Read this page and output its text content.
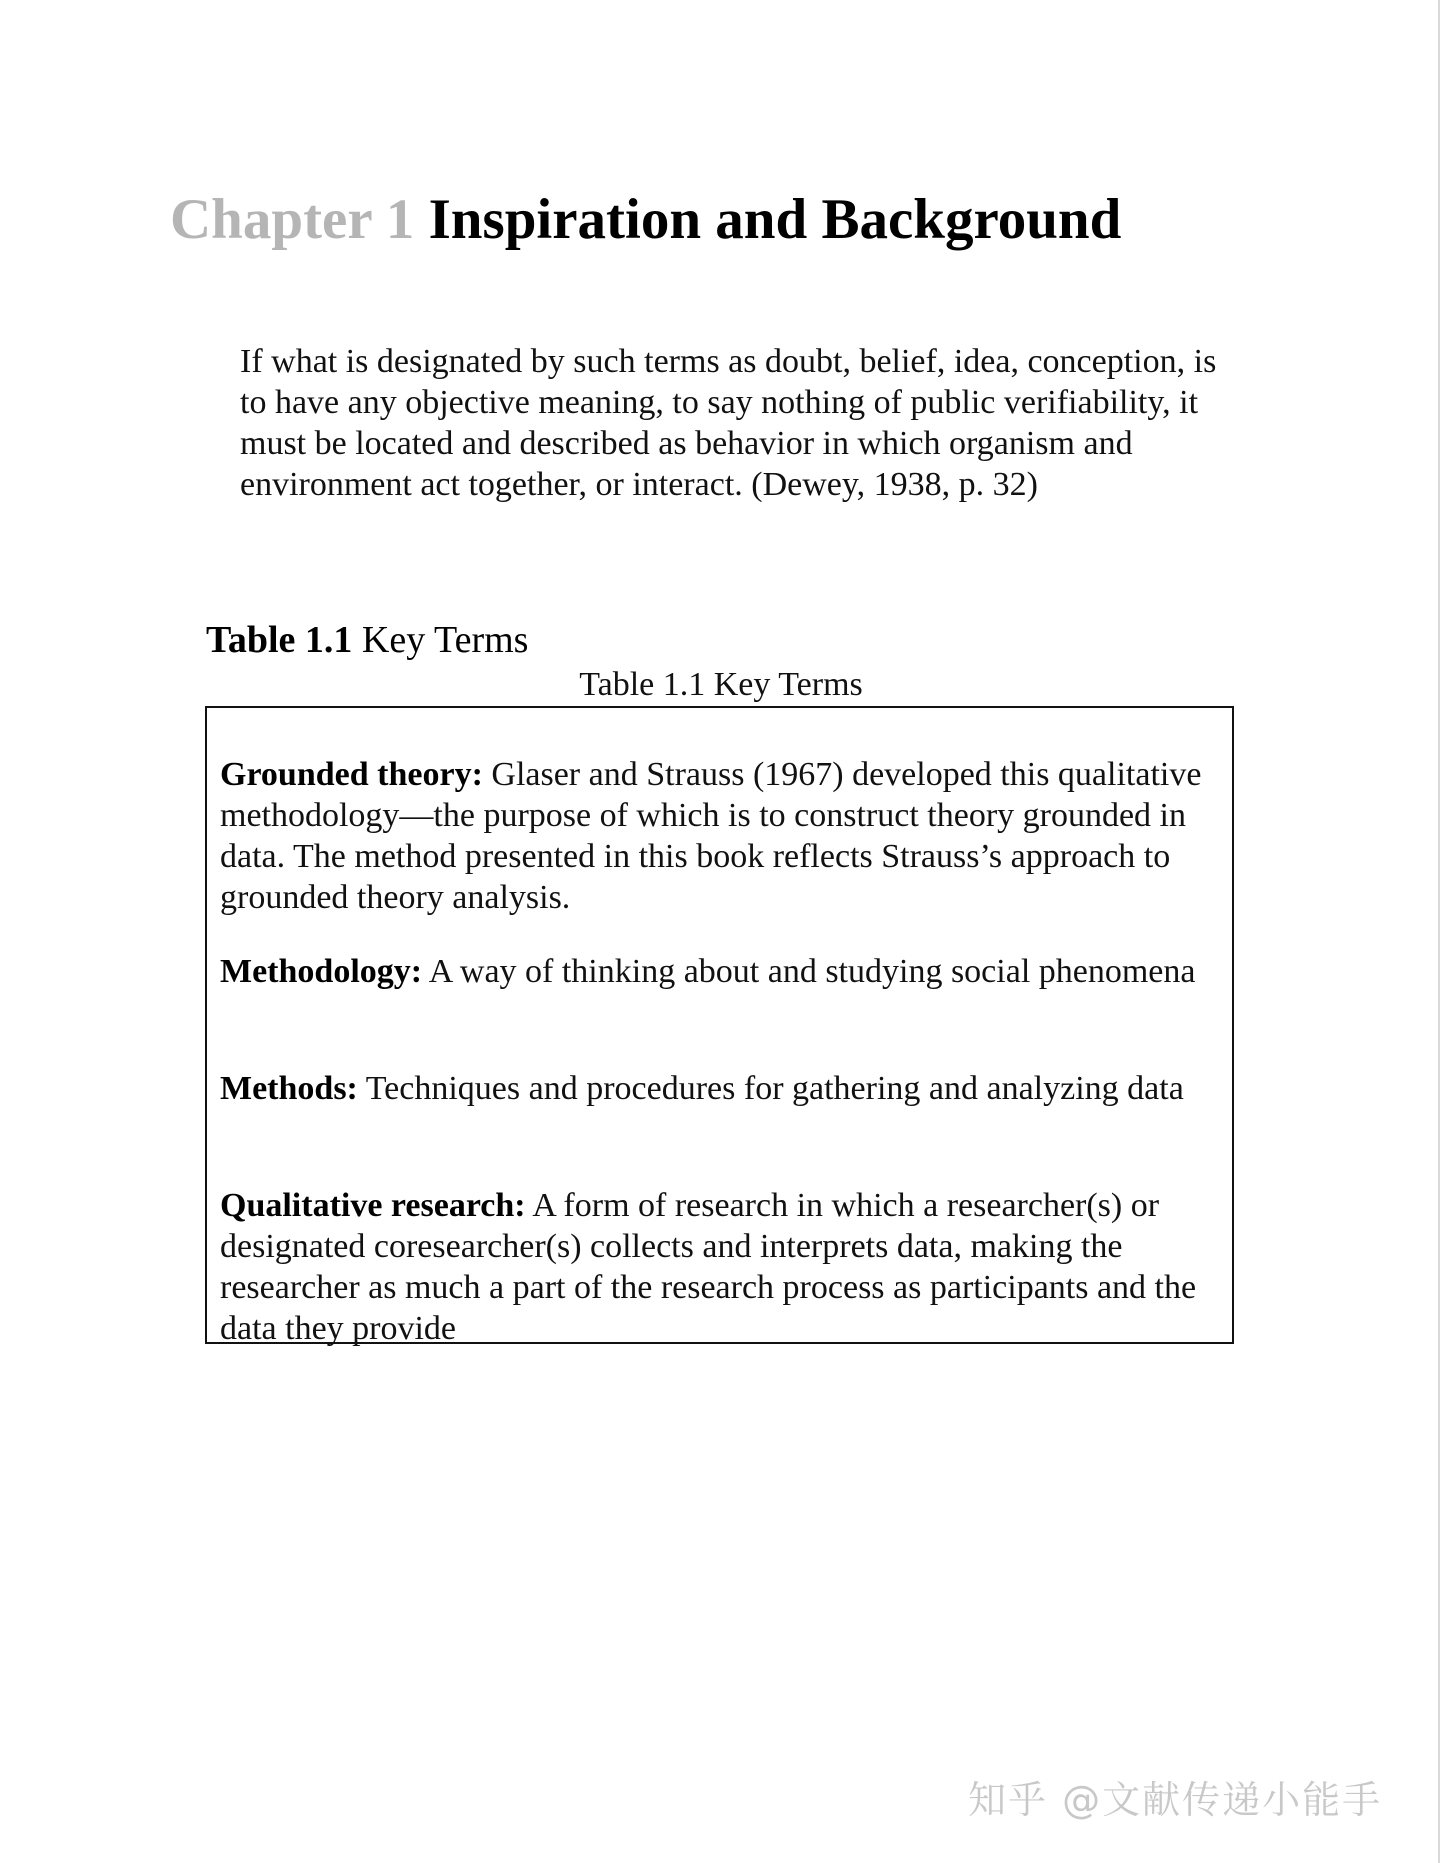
Chapter 1 Inspiration and Background

If what is designated by such terms as doubt, belief, idea, conception, is to have any objective meaning, to say nothing of public verifiability, it must be located and described as behavior in which organism and environment act together, or interact. (Dewey, 1938, p. 32)

Table 1.1 Key Terms

Table 1.1 Key Terms

Grounded theory: Glaser and Strauss (1967) developed this qualitative methodology—the purpose of which is to construct theory grounded in data. The method presented in this book reflects Strauss’s approach to grounded theory analysis.

Methodology: A way of thinking about and studying social phenomena

Methods: Techniques and procedures for gathering and analyzing data

Qualitative research: A form of research in which a researcher(s) or designated coresearcher(s) collects and interprets data, making the researcher as much a part of the research process as participants and the data they provide

知乎 @文献传递小能手
